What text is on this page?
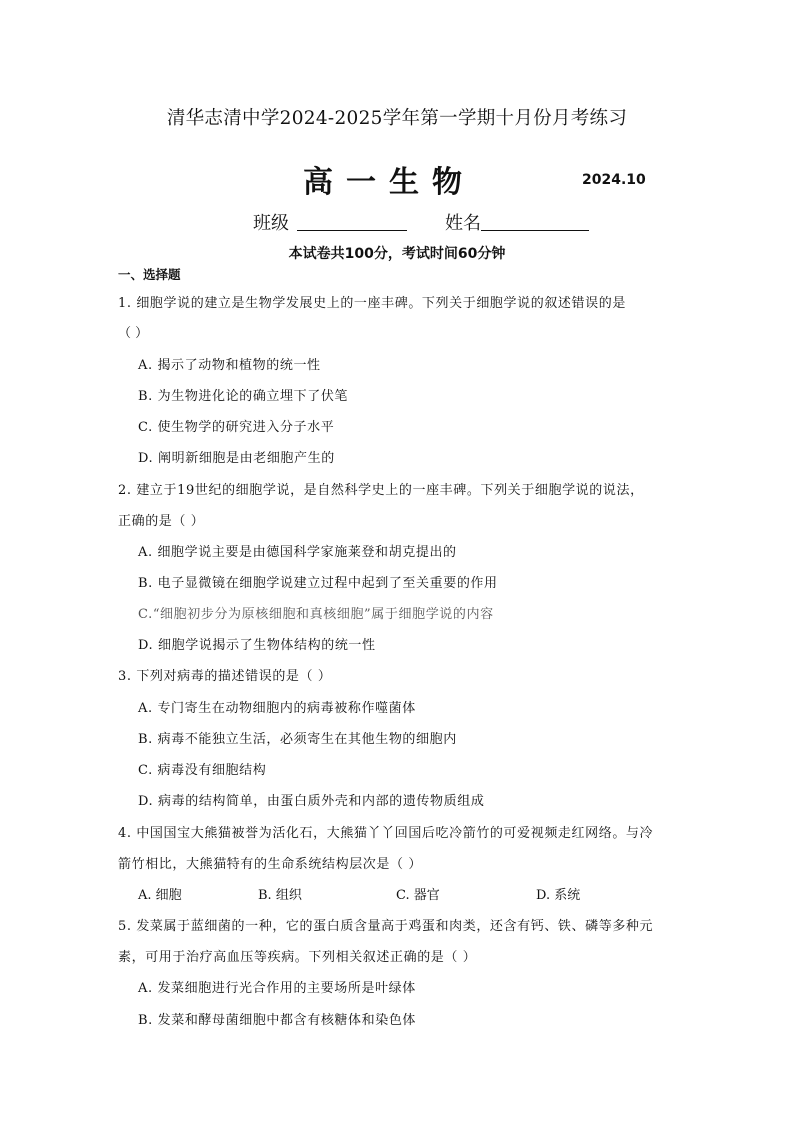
清华志清中学2024-2025学年第一学期十月份月考练习
高一生物	2024.10
班级	姓名
本试卷共100分，考试时间60分钟
一、选择题
1. 细胞学说的建立是生物学发展史上的一座丰碑。下列关于细胞学说的叙述错误的是
（ ）
A. 揭示了动物和植物的统一性
B. 为生物进化论的确立埋下了伏笔
C. 使生物学的研究进入分子水平
D. 阐明新细胞是由老细胞产生的
2. 建立于19世纪的细胞学说，是自然科学史上的一座丰碑。下列关于细胞学说的说法，
正确的是（ ）
A. 细胞学说主要是由德国科学家施莱登和胡克提出的
B. 电子显微镜在细胞学说建立过程中起到了至关重要的作用
C.“细胞初步分为原核细胞和真核细胞”属于细胞学说的内容
D. 细胞学说揭示了生物体结构的统一性
3. 下列对病毒的描述错误的是（ ）
A. 专门寄生在动物细胞内的病毒被称作噬菌体
B. 病毒不能独立生活，必须寄生在其他生物的细胞内
C. 病毒没有细胞结构
D. 病毒的结构简单，由蛋白质外壳和内部的遗传物质组成
4. 中国国宝大熊猫被誉为活化石，大熊猫丫丫回国后吃冷箭竹的可爱视频走红网络。与冷
箭竹相比，大熊猫特有的生命系统结构层次是（ ）
A. 细胞	B. 组织	C. 器官	D. 系统
5. 发菜属于蓝细菌的一种，它的蛋白质含量高于鸡蛋和肉类，还含有钙、铁、磷等多种元
素，可用于治疗高血压等疾病。下列相关叙述正确的是（ ）
A. 发菜细胞进行光合作用的主要场所是叶绿体
B. 发菜和酵母菌细胞中都含有核糖体和染色体
